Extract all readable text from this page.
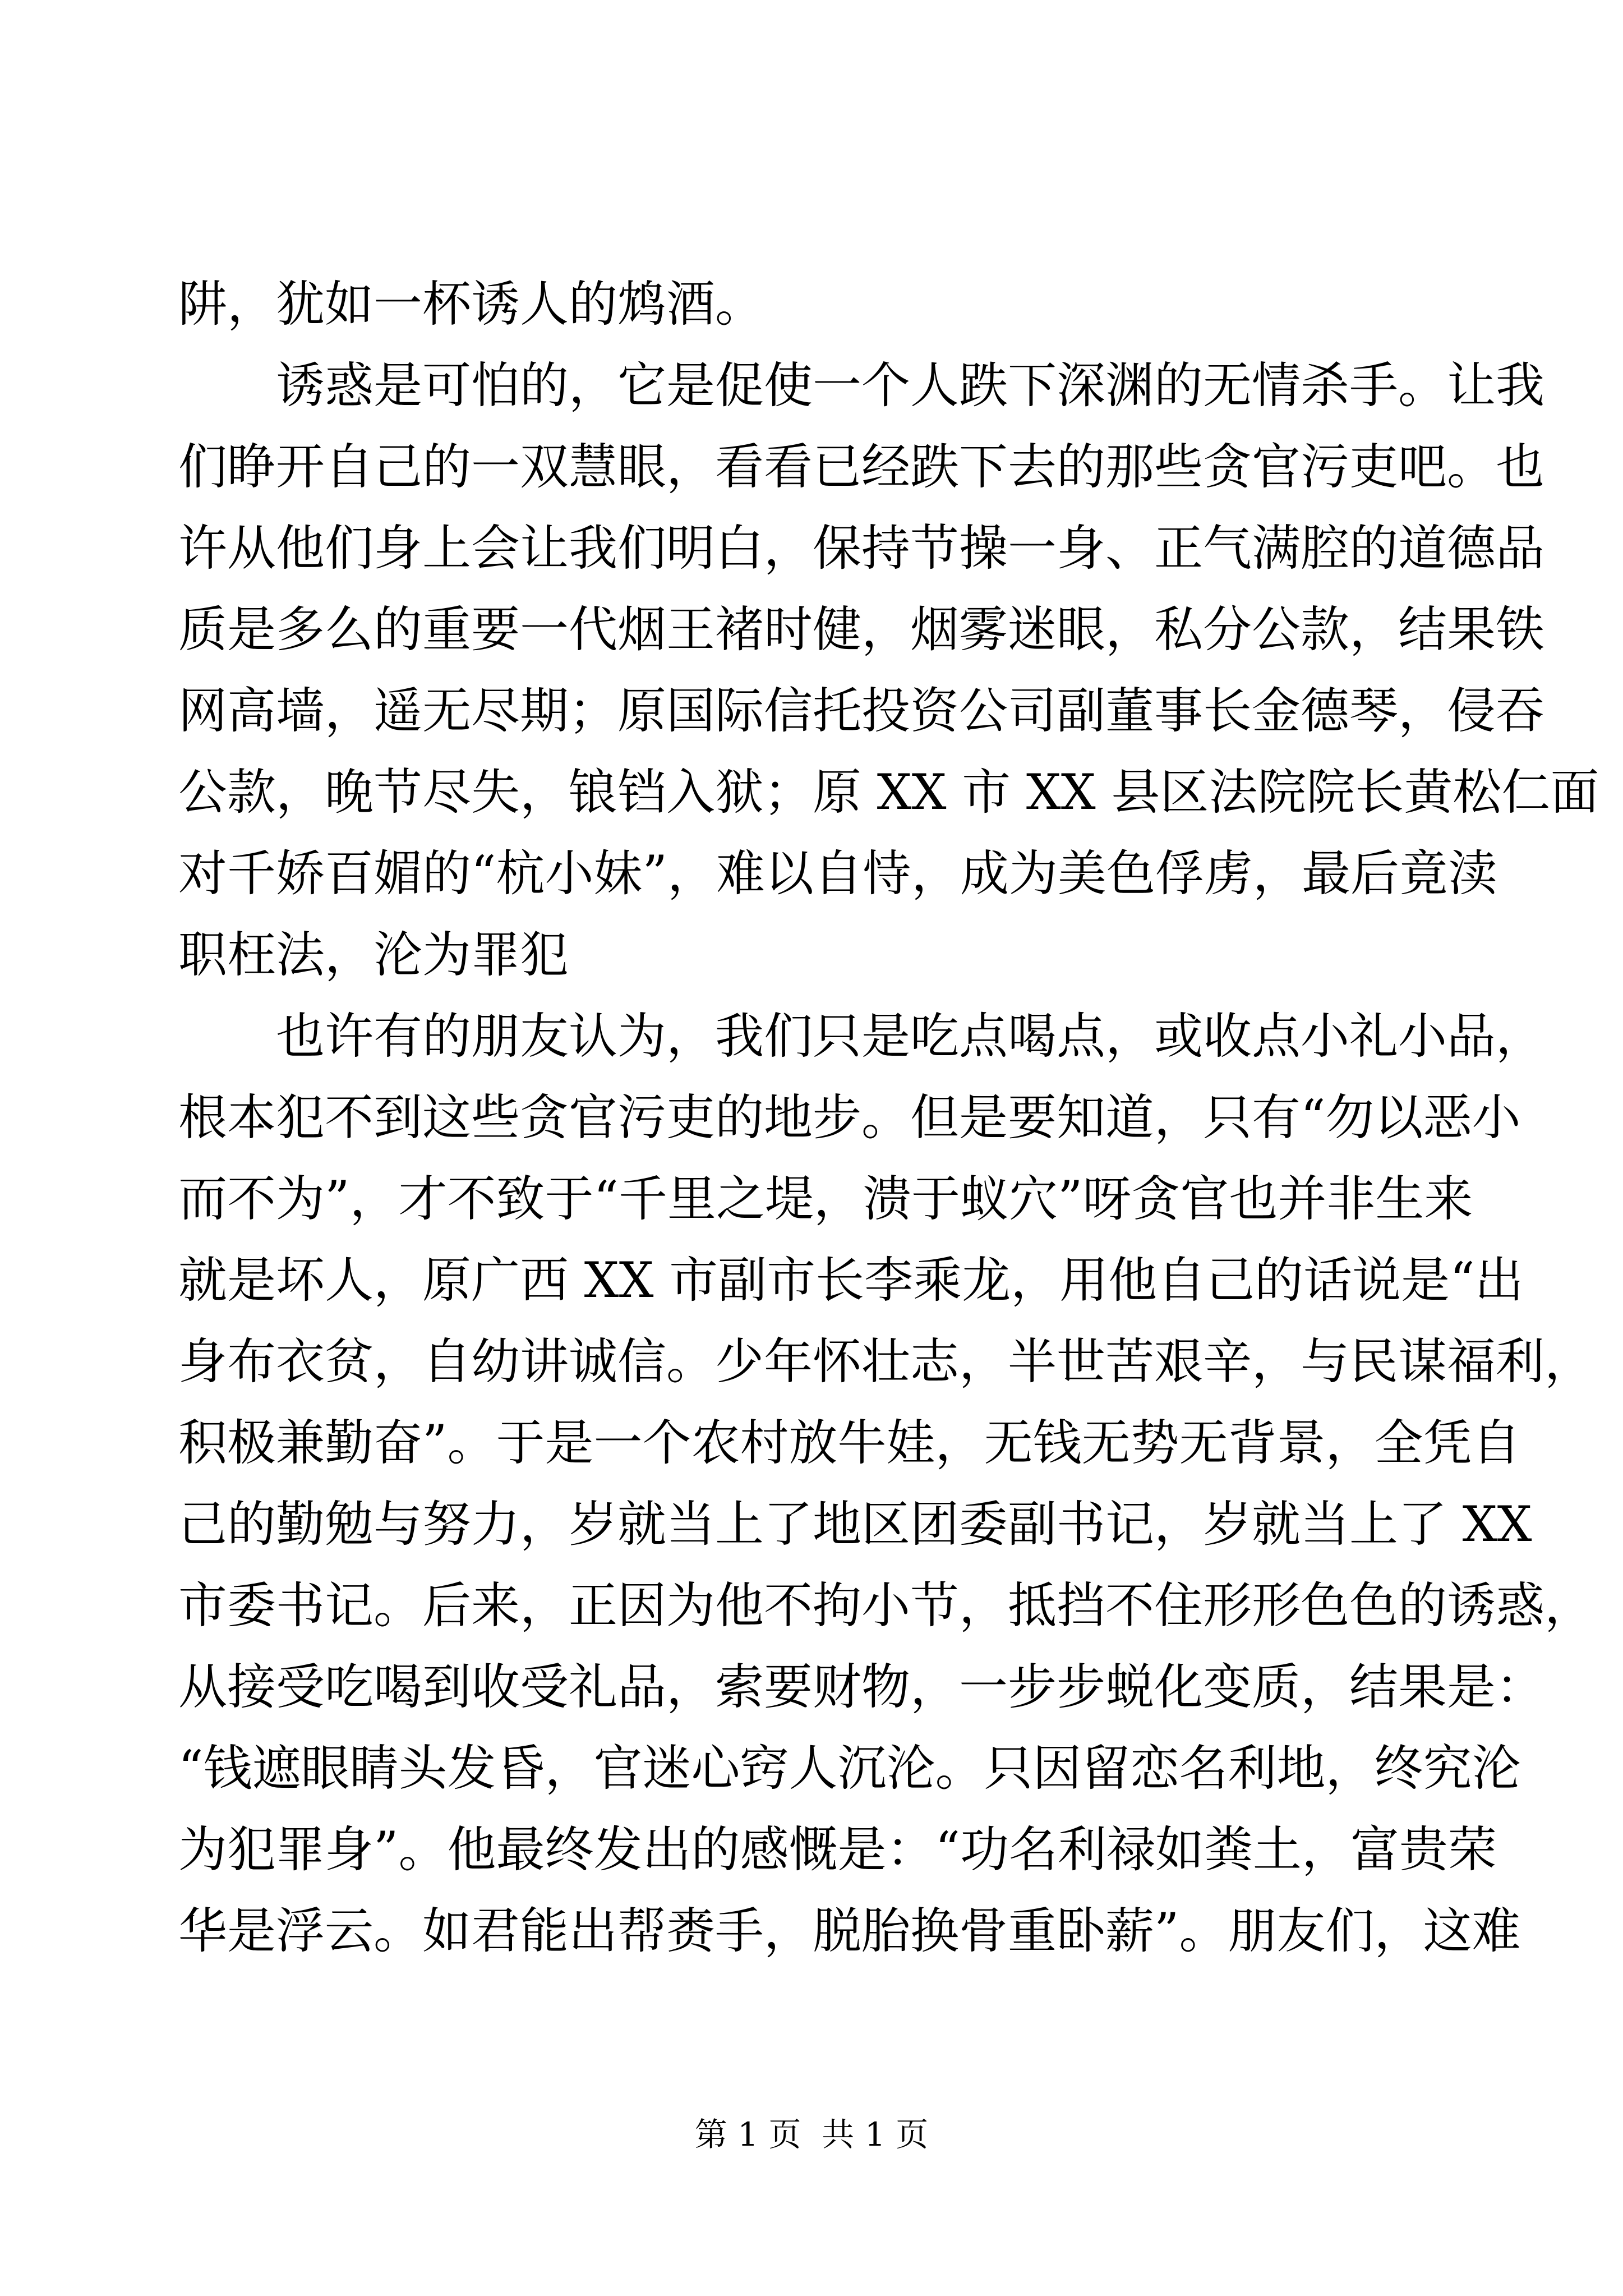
阱，犹如一杯诱人的鸩酒。
诱惑是可怕的，它是促使一个人跌下深渊的无情杀手。让我
们睁开自己的一双慧眼，看看已经跌下去的那些贪官污吏吧。也
许从他们身上会让我们明白，保持节操一身、正气满腔的道德品
质是多么的重要一代烟王褚时健，烟雾迷眼，私分公款，结果铁
网高墙，遥无尽期；原国际信托投资公司副董事长金德琴，侵吞
公款，晚节尽失，锒铛入狱；原 XX 市 XX 县区法院院长黄松仁面
对千娇百媚的“杭小妹”，难以自恃，成为美色俘虏，最后竟渎
职枉法，沦为罪犯
也许有的朋友认为，我们只是吃点喝点，或收点小礼小品，
根本犯不到这些贪官污吏的地步。但是要知道，只有“勿以恶小
而不为”，才不致于“千里之堤，溃于蚁穴”呀贪官也并非生来
就是坏人，原广西 XX 市副市长李乘龙，用他自己的话说是“出
身布衣贫，自幼讲诚信。少年怀壮志，半世苦艰辛，与民谋福利，
积极兼勤奋”。于是一个农村放牛娃，无钱无势无背景，全凭自
己的勤勉与努力，岁就当上了地区团委副书记，岁就当上了 XX
市委书记。后来，正因为他不拘小节，抵挡不住形形色色的诱惑，
从接受吃喝到收受礼品，索要财物，一步步蜕化变质，结果是：
“钱遮眼睛头发昏，官迷心窍人沉沦。只因留恋名利地，终究沦
为犯罪身”。他最终发出的感慨是：“功名利禄如粪土，富贵荣
华是浮云。如君能出帮赉手，脱胎换骨重卧薪”。朋友们，这难
第 1 页  共 1 页
